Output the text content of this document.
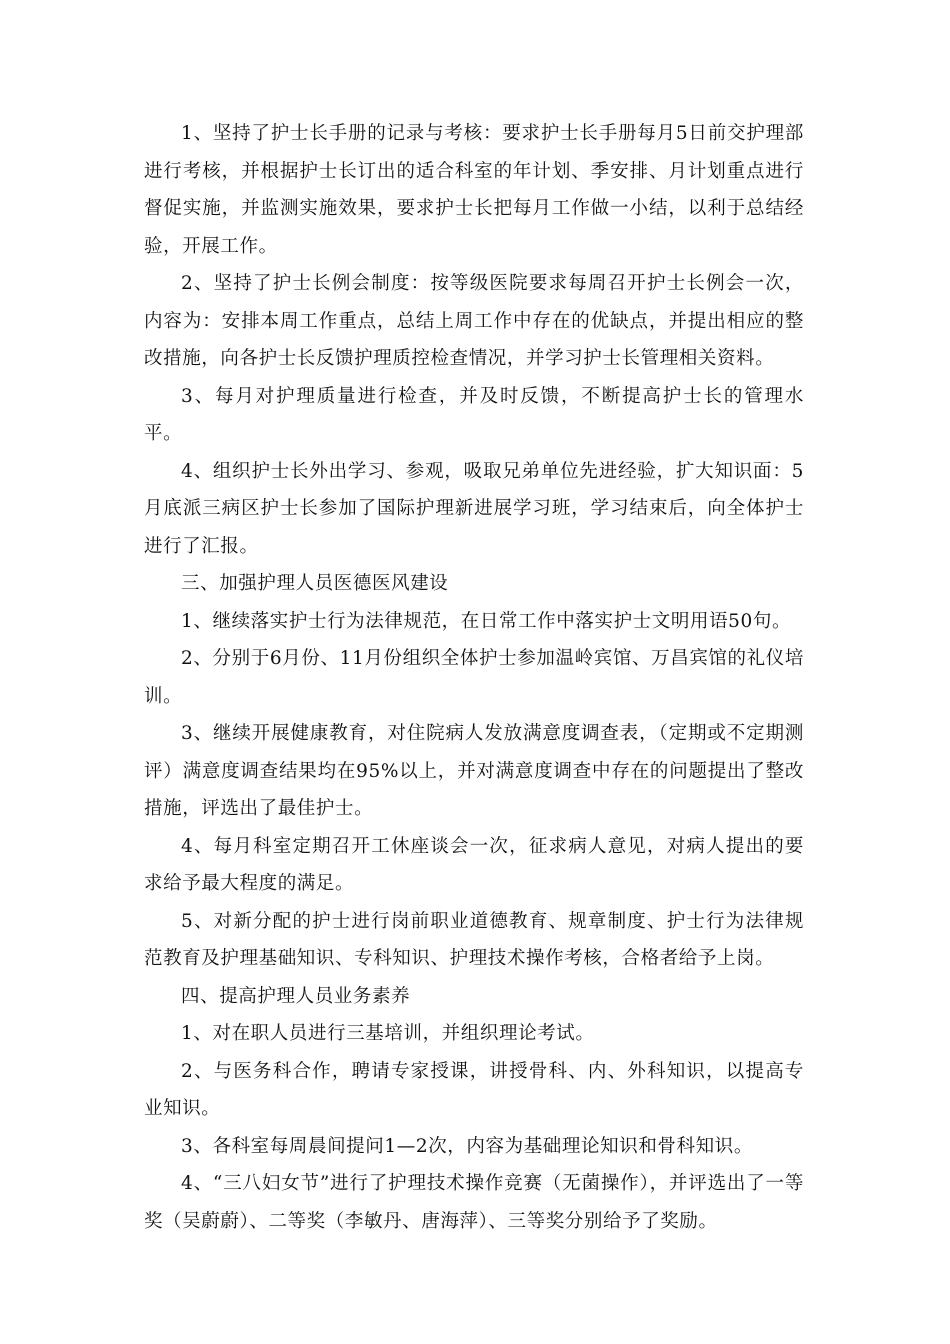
1、坚持了护士长手册的记录与考核：要求护士长手册每月5日前交护理部进行考核，并根据护士长订出的适合科室的年计划、季安排、月计划重点进行督促实施，并监测实施效果，要求护士长把每月工作做一小结，以利于总结经验，开展工作。

2、坚持了护士长例会制度：按等级医院要求每周召开护士长例会一次，内容为：安排本周工作重点，总结上周工作中存在的优缺点，并提出相应的整改措施，向各护士长反馈护理质控检查情况，并学习护士长管理相关资料。

3、每月对护理质量进行检查，并及时反馈，不断提高护士长的管理水平。

4、组织护士长外出学习、参观，吸取兄弟单位先进经验，扩大知识面：5月底派三病区护士长参加了国际护理新进展学习班，学习结束后，向全体护士进行了汇报。

三、加强护理人员医德医风建设

1、继续落实护士行为法律规范，在日常工作中落实护士文明用语50句。

2、分别于6月份、11月份组织全体护士参加温岭宾馆、万昌宾馆的礼仪培训。

3、继续开展健康教育，对住院病人发放满意度调查表，（定期或不定期测评）满意度调查结果均在95%以上，并对满意度调查中存在的问题提出了整改措施，评选出了最佳护士。

4、每月科室定期召开工休座谈会一次，征求病人意见，对病人提出的要求给予最大程度的满足。

5、对新分配的护士进行岗前职业道德教育、规章制度、护士行为法律规范教育及护理基础知识、专科知识、护理技术操作考核，合格者给予上岗。

四、提高护理人员业务素养

1、对在职人员进行三基培训，并组织理论考试。

2、与医务科合作，聘请专家授课，讲授骨科、内、外科知识，以提高专业知识。

3、各科室每周晨间提问1—2次，内容为基础理论知识和骨科知识。

4、“三八妇女节”进行了护理技术操作竞赛（无菌操作），并评选出了一等奖（吴蔚蔚）、二等奖（李敏丹、唐海萍）、三等奖分别给予了奖励。
